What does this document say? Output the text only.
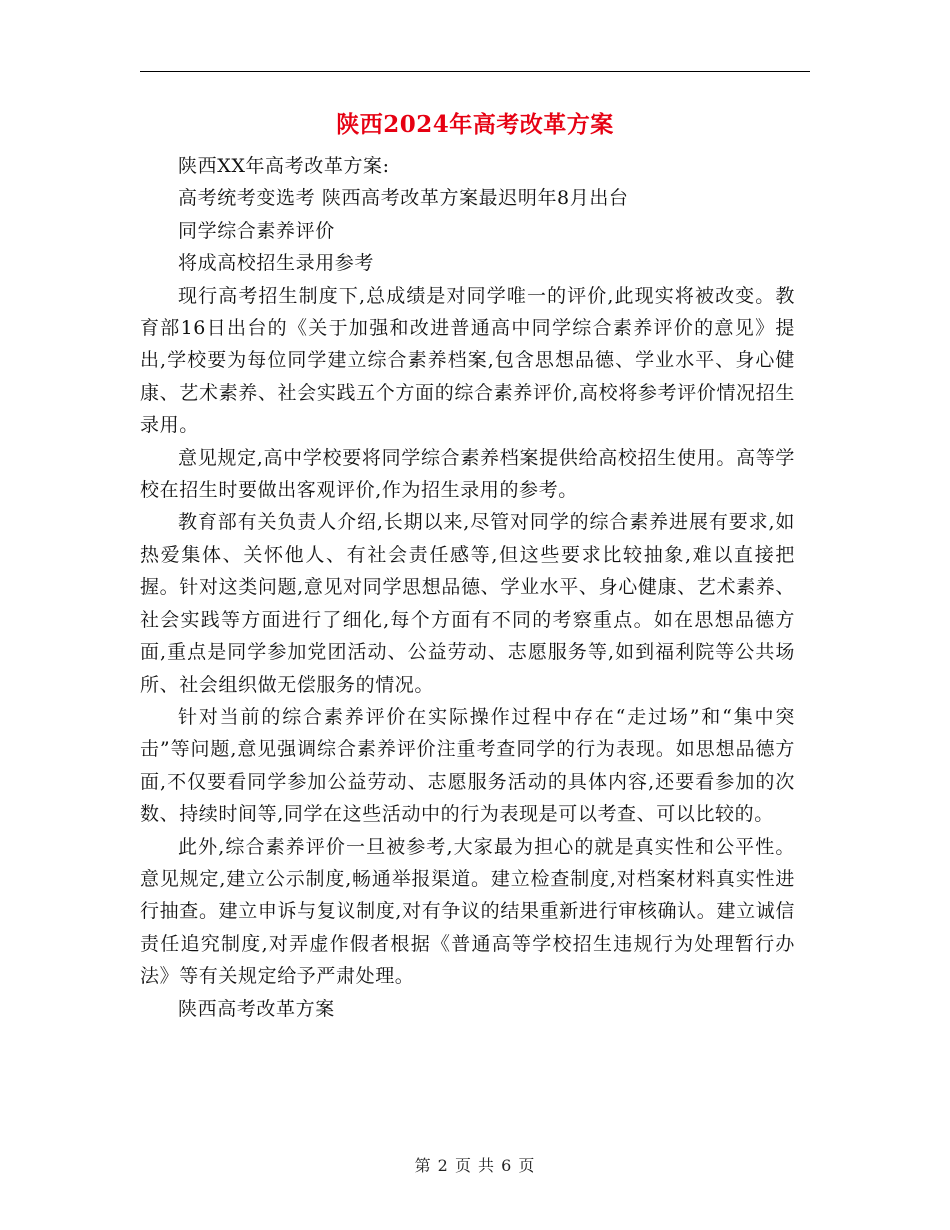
陕西2024年高考改革方案

陕西XX年高考改革方案:

高考统考变选考 陕西高考改革方案最迟明年8月出台

同学综合素养评价

将成高校招生录用参考

现行高考招生制度下,总成绩是对同学唯一的评价,此现实将被改变。教育部16日出台的《关于加强和改进普通高中同学综合素养评价的意见》提出,学校要为每位同学建立综合素养档案,包含思想品德、学业水平、身心健康、艺术素养、社会实践五个方面的综合素养评价,高校将参考评价情况招生录用。

意见规定,高中学校要将同学综合素养档案提供给高校招生使用。高等学校在招生时要做出客观评价,作为招生录用的参考。

教育部有关负责人介绍,长期以来,尽管对同学的综合素养进展有要求,如热爱集体、关怀他人、有社会责任感等,但这些要求比较抽象,难以直接把握。针对这类问题,意见对同学思想品德、学业水平、身心健康、艺术素养、社会实践等方面进行了细化,每个方面有不同的考察重点。如在思想品德方面,重点是同学参加党团活动、公益劳动、志愿服务等,如到福利院等公共场所、社会组织做无偿服务的情况。

针对当前的综合素养评价在实际操作过程中存在“走过场”和“集中突击”等问题,意见强调综合素养评价注重考查同学的行为表现。如思想品德方面,不仅要看同学参加公益劳动、志愿服务活动的具体内容,还要看参加的次数、持续时间等,同学在这些活动中的行为表现是可以考查、可以比较的。

此外,综合素养评价一旦被参考,大家最为担心的就是真实性和公平性。意见规定,建立公示制度,畅通举报渠道。建立检查制度,对档案材料真实性进行抽查。建立申诉与复议制度,对有争议的结果重新进行审核确认。建立诚信责任追究制度,对弄虚作假者根据《普通高等学校招生违规行为处理暂行办法》等有关规定给予严肃处理。

陕西高考改革方案

第 2 页 共 6 页
